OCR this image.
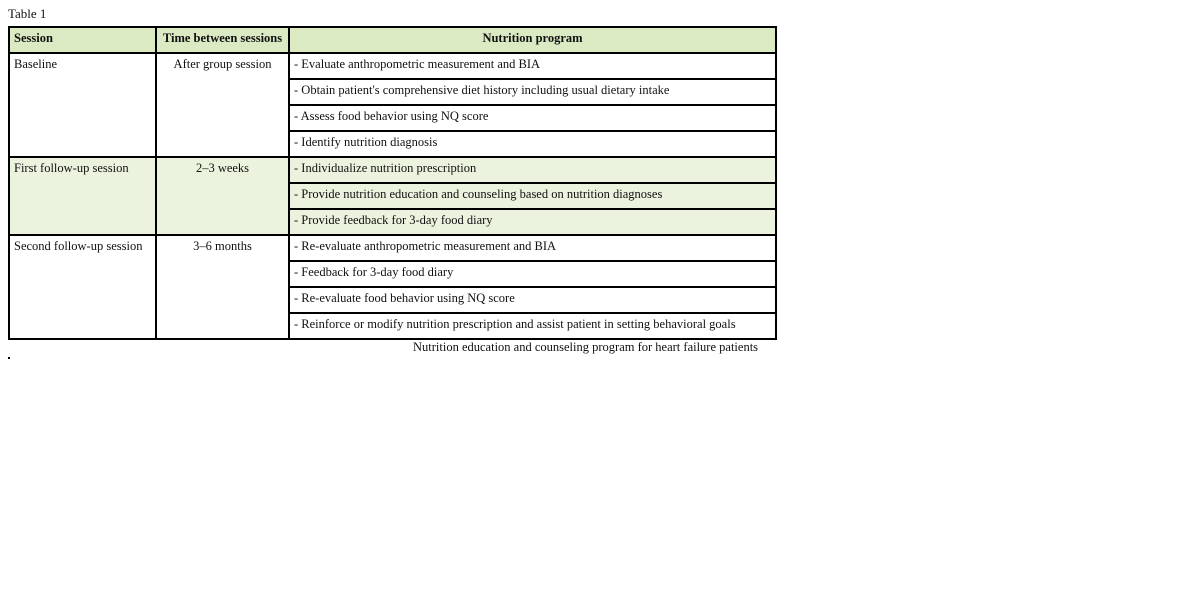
Table 1
Session	Time between sessions	Nutrition program
Baseline	After group session	- Evaluate anthropometric measurement and BIA
		- Obtain patient's comprehensive diet history including usual dietary intake
		- Assess food behavior using NQ score
		- Identify nutrition diagnosis
First follow-up session	2–3 weeks	- Individualize nutrition prescription
		- Provide nutrition education and counseling based on nutrition diagnoses
		- Provide feedback for 3-day food diary
Second follow-up session	3–6 months	- Re-evaluate anthropometric measurement and BIA
		- Feedback for 3-day food diary
		- Re-evaluate food behavior using NQ score
		- Reinforce or modify nutrition prescription and assist patient in setting behavioral goals
Nutrition education and counseling program for heart failure patients
